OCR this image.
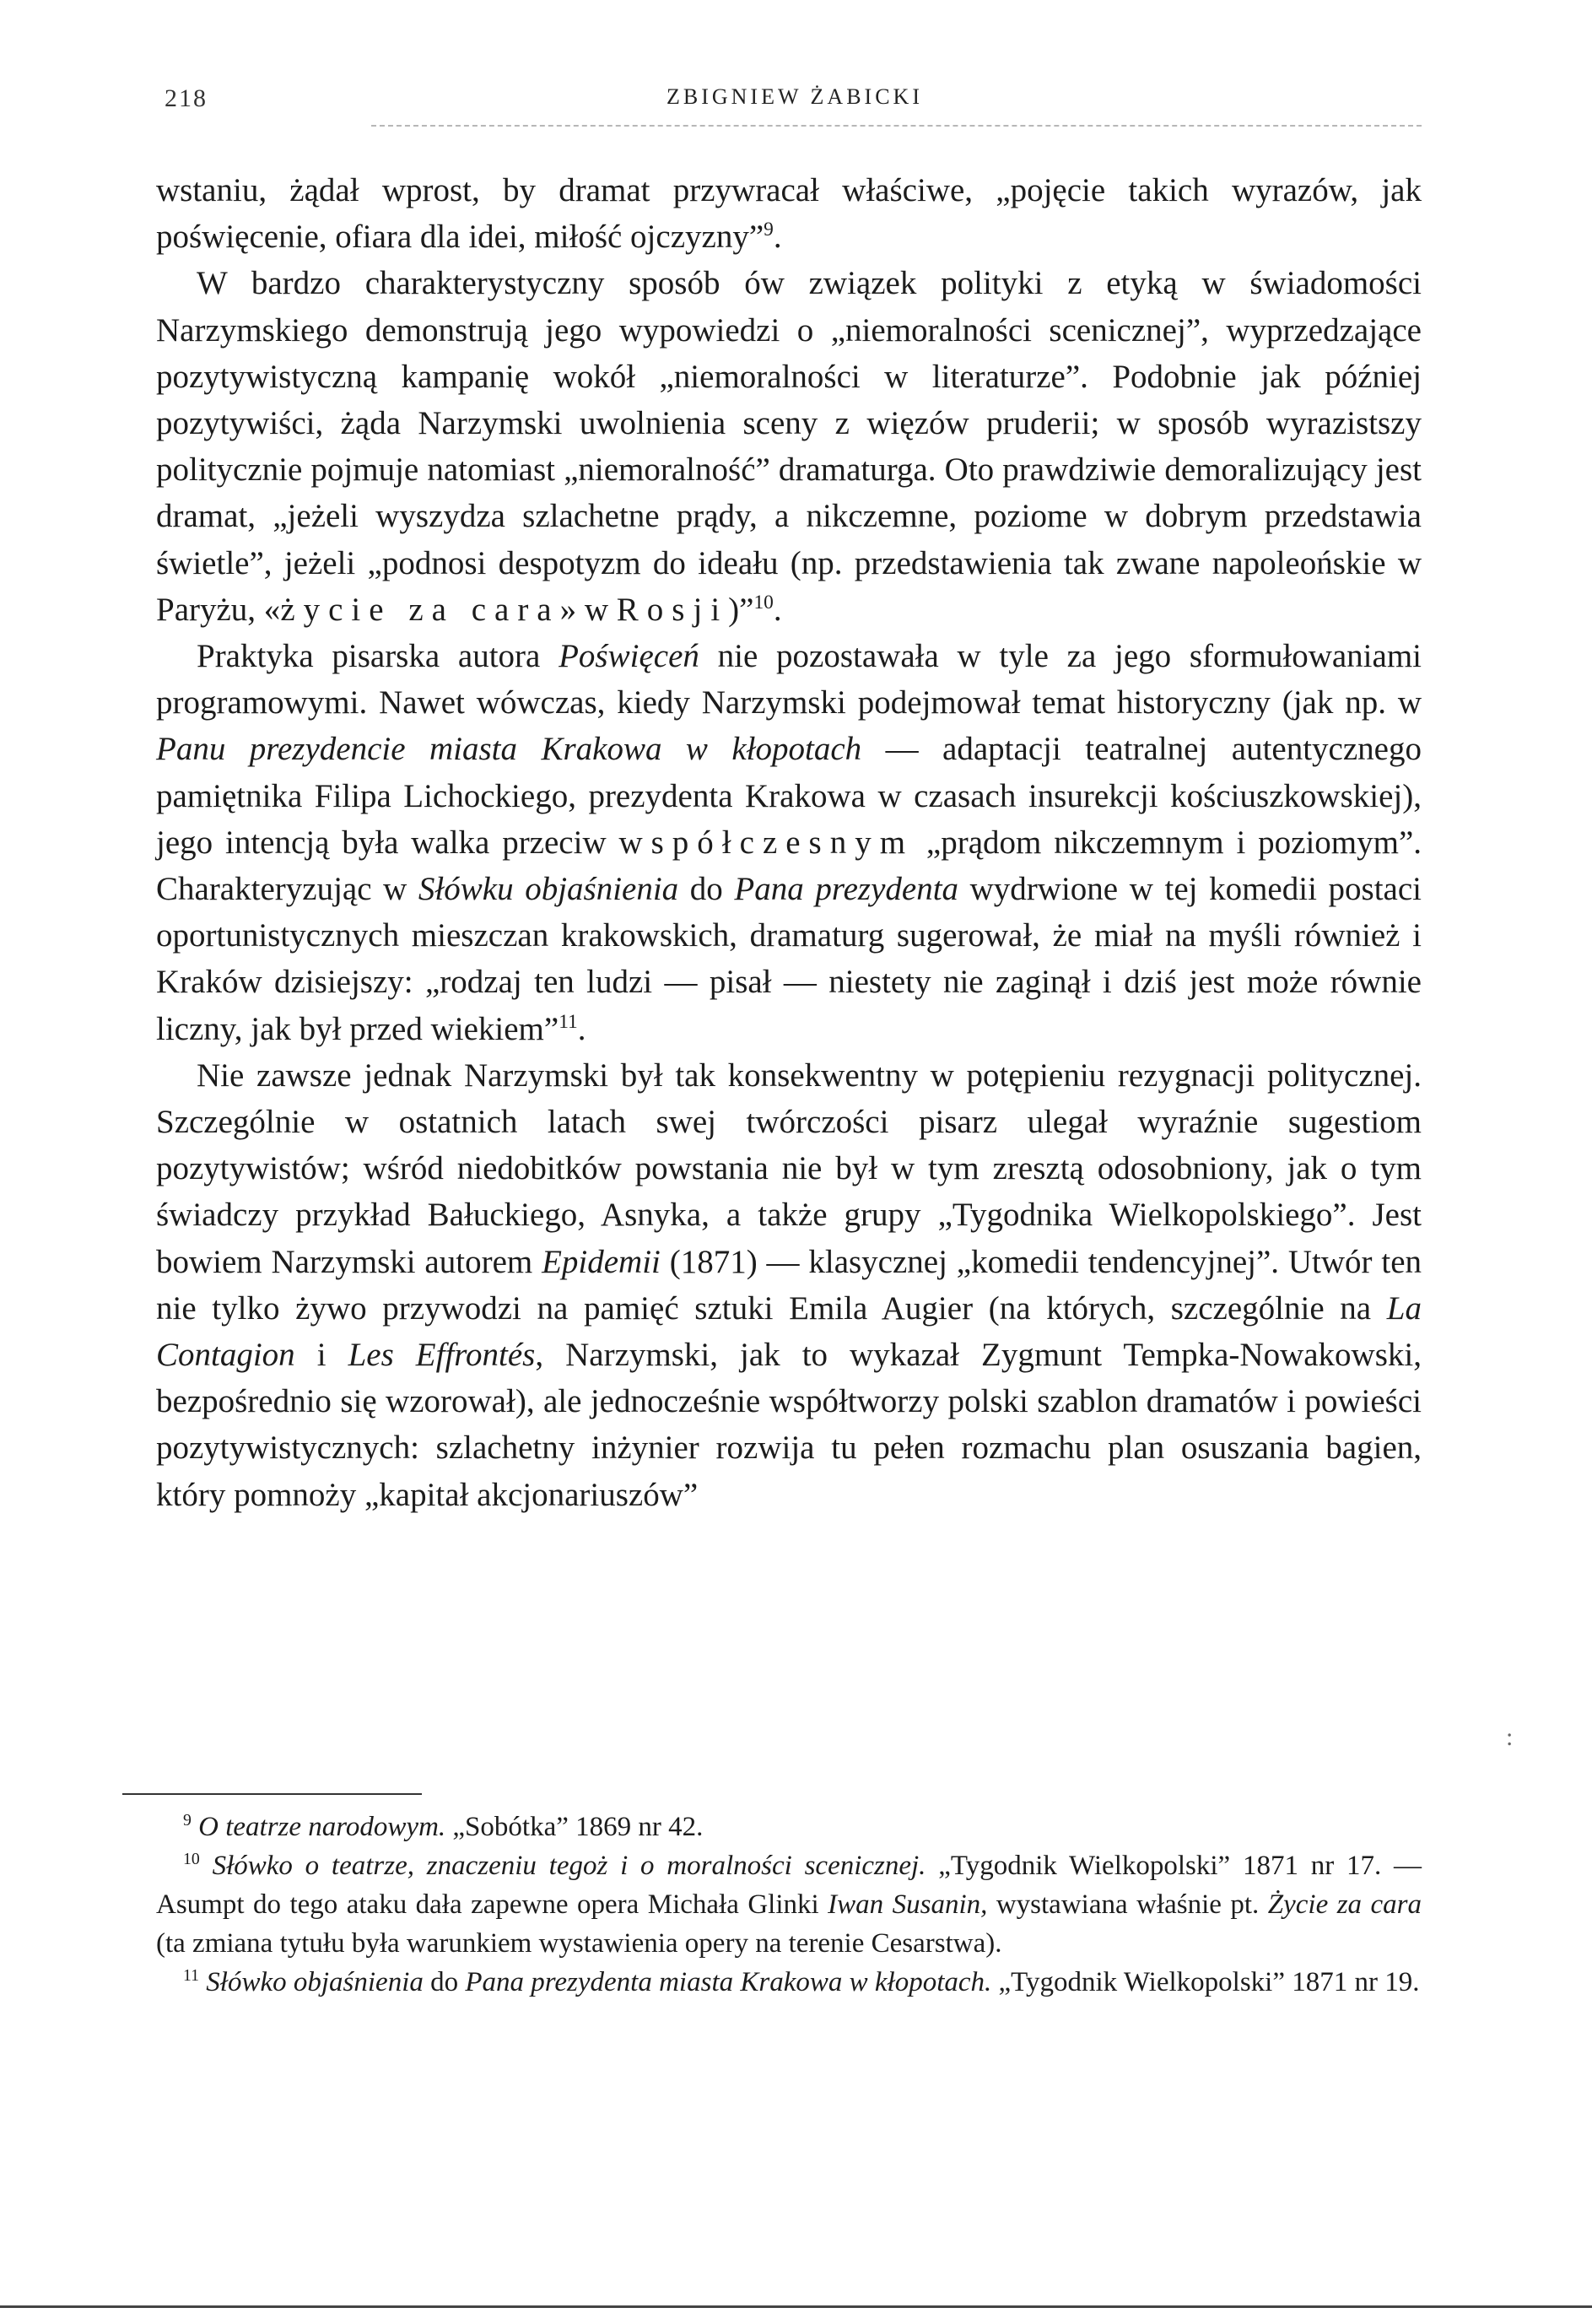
218	ZBIGNIEW ŻABICKI

wstaniu, żądał wprost, by dramat przywracał właściwe, „pojęcie takich wyrazów, jak poświęcenie, ofiara dla idei, miłość ojczyzny”$^9$.

W bardzo charakterystyczny sposób ów związek polityki z etyką w świadomości Narzymskiego demonstrują jego wypowiedzi o „niemoralności scenicznej”, wyprzedzające pozytywistyczną kampanię wokół „niemoralności w literaturze”. Podobnie jak później pozytywiści, żąda Narzymski uwolnienia sceny z więzów pruderii; w sposób wyrazistszy politycznie pojmuje natomiast „niemoralność” dramaturga. Oto prawdziwie demoralizujący jest dramat, „jeżeli wyszydza szlachetne prądy, a nikczemne, poziome w dobrym przedstawia świetle”, jeżeli „podnosi despotyzm do ideału (np. przedstawienia tak zwane napoleońskie w Paryżu, «życie za cara» w Rosji)”$^{10}$.

Praktyka pisarska autora Poświęceń nie pozostawała w tyle za jego sformułowaniami programowymi. Nawet wówczas, kiedy Narzymski podejmował temat historyczny (jak np. w Panu prezydencie miasta Krakowa w kłopotach — adaptacji teatralnej autentycznego pamiętnika Filipa Lichockiego, prezydenta Krakowa w czasach insurekcji kościuszkowskiej), jego intencją była walka przeciw współczesnym „prądom nikczemnym i poziomym”. Charakteryzując w Słówku objaśnienia do Pana prezydenta wydrwione w tej komedii postaci oportunistycznych mieszczan krakowskich, dramaturg sugerował, że miał na myśli również i Kraków dzisiejszy: „rodzaj ten ludzi — pisał — niestety nie zaginął i dziś jest może równie liczny, jak był przed wiekiem”$^{11}$.

Nie zawsze jednak Narzymski był tak konsekwentny w potępieniu rezygnacji politycznej. Szczególnie w ostatnich latach swej twórczości pisarz ulegał wyraźnie sugestiom pozytywistów; wśród niedobitków powstania nie był w tym zresztą odosobniony, jak o tym świadczy przykład Bałuckiego, Asnyka, a także grupy „Tygodnika Wielkopolskiego”. Jest bowiem Narzymski autorem Epidemii (1871) — klasycznej „komedii tendencyjnej”. Utwór ten nie tylko żywo przywodzi na pamięć sztuki Emila Augier (na których, szczególnie na La Contagion i Les Effrontés, Narzymski, jak to wykazał Zygmunt Tempka-Nowakowski, bezpośrednio się wzorował), ale jednocześnie współtworzy polski szablon dramatów i powieści pozytywistycznych: szlachetny inżynier rozwija tu pełen rozmachu plan osuszania bagien, który pomnoży „kapitał akcjonariuszów”

$^9$ O teatrze narodowym. „Sobótka” 1869 nr 42.

$^{10}$ Słówko o teatrze, znaczeniu tegoż i o moralności scenicznej. „Tygodnik Wielkopolski” 1871 nr 17. — Asumpt do tego ataku dała zapewne opera Michała Glinki Iwan Susanin, wystawiana właśnie pt. Życie za cara (ta zmiana tytułu była warunkiem wystawienia opery na terenie Cesarstwa).

$^{11}$ Słówko objaśnienia do Pana prezydenta miasta Krakowa w kłopotach. „Tygodnik Wielkopolski” 1871 nr 19.

:
